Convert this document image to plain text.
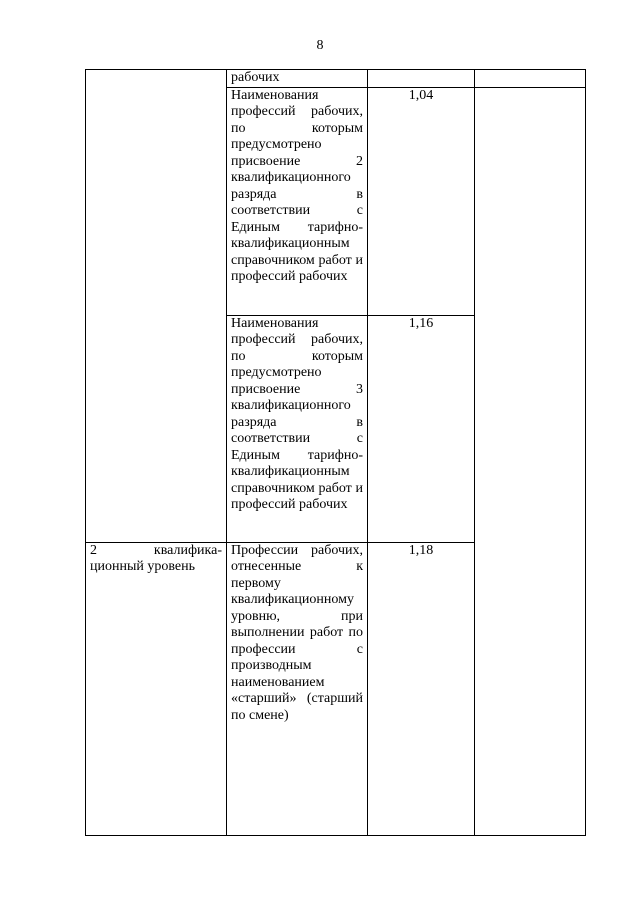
8
	рабочих		
	Наименования профессий рабочих, по которым предусмотрено присвоение 2 квалификационного разряда в соответствии с Единым тарифно-квалификационным справочником работ и профессий рабочих	1,04	
	Наименования профессий рабочих, по которым предусмотрено присвоение 3 квалификационного разряда в соответствии с Единым тарифно-квалификационным справочником работ и профессий рабочих	1,16	
2 квалифика-ционный уровень	Профессии рабочих, отнесенные к первому квалификационному уровню, при выполнении работ по профессии с производным наименованием «старший» (старший по смене)	1,18	
